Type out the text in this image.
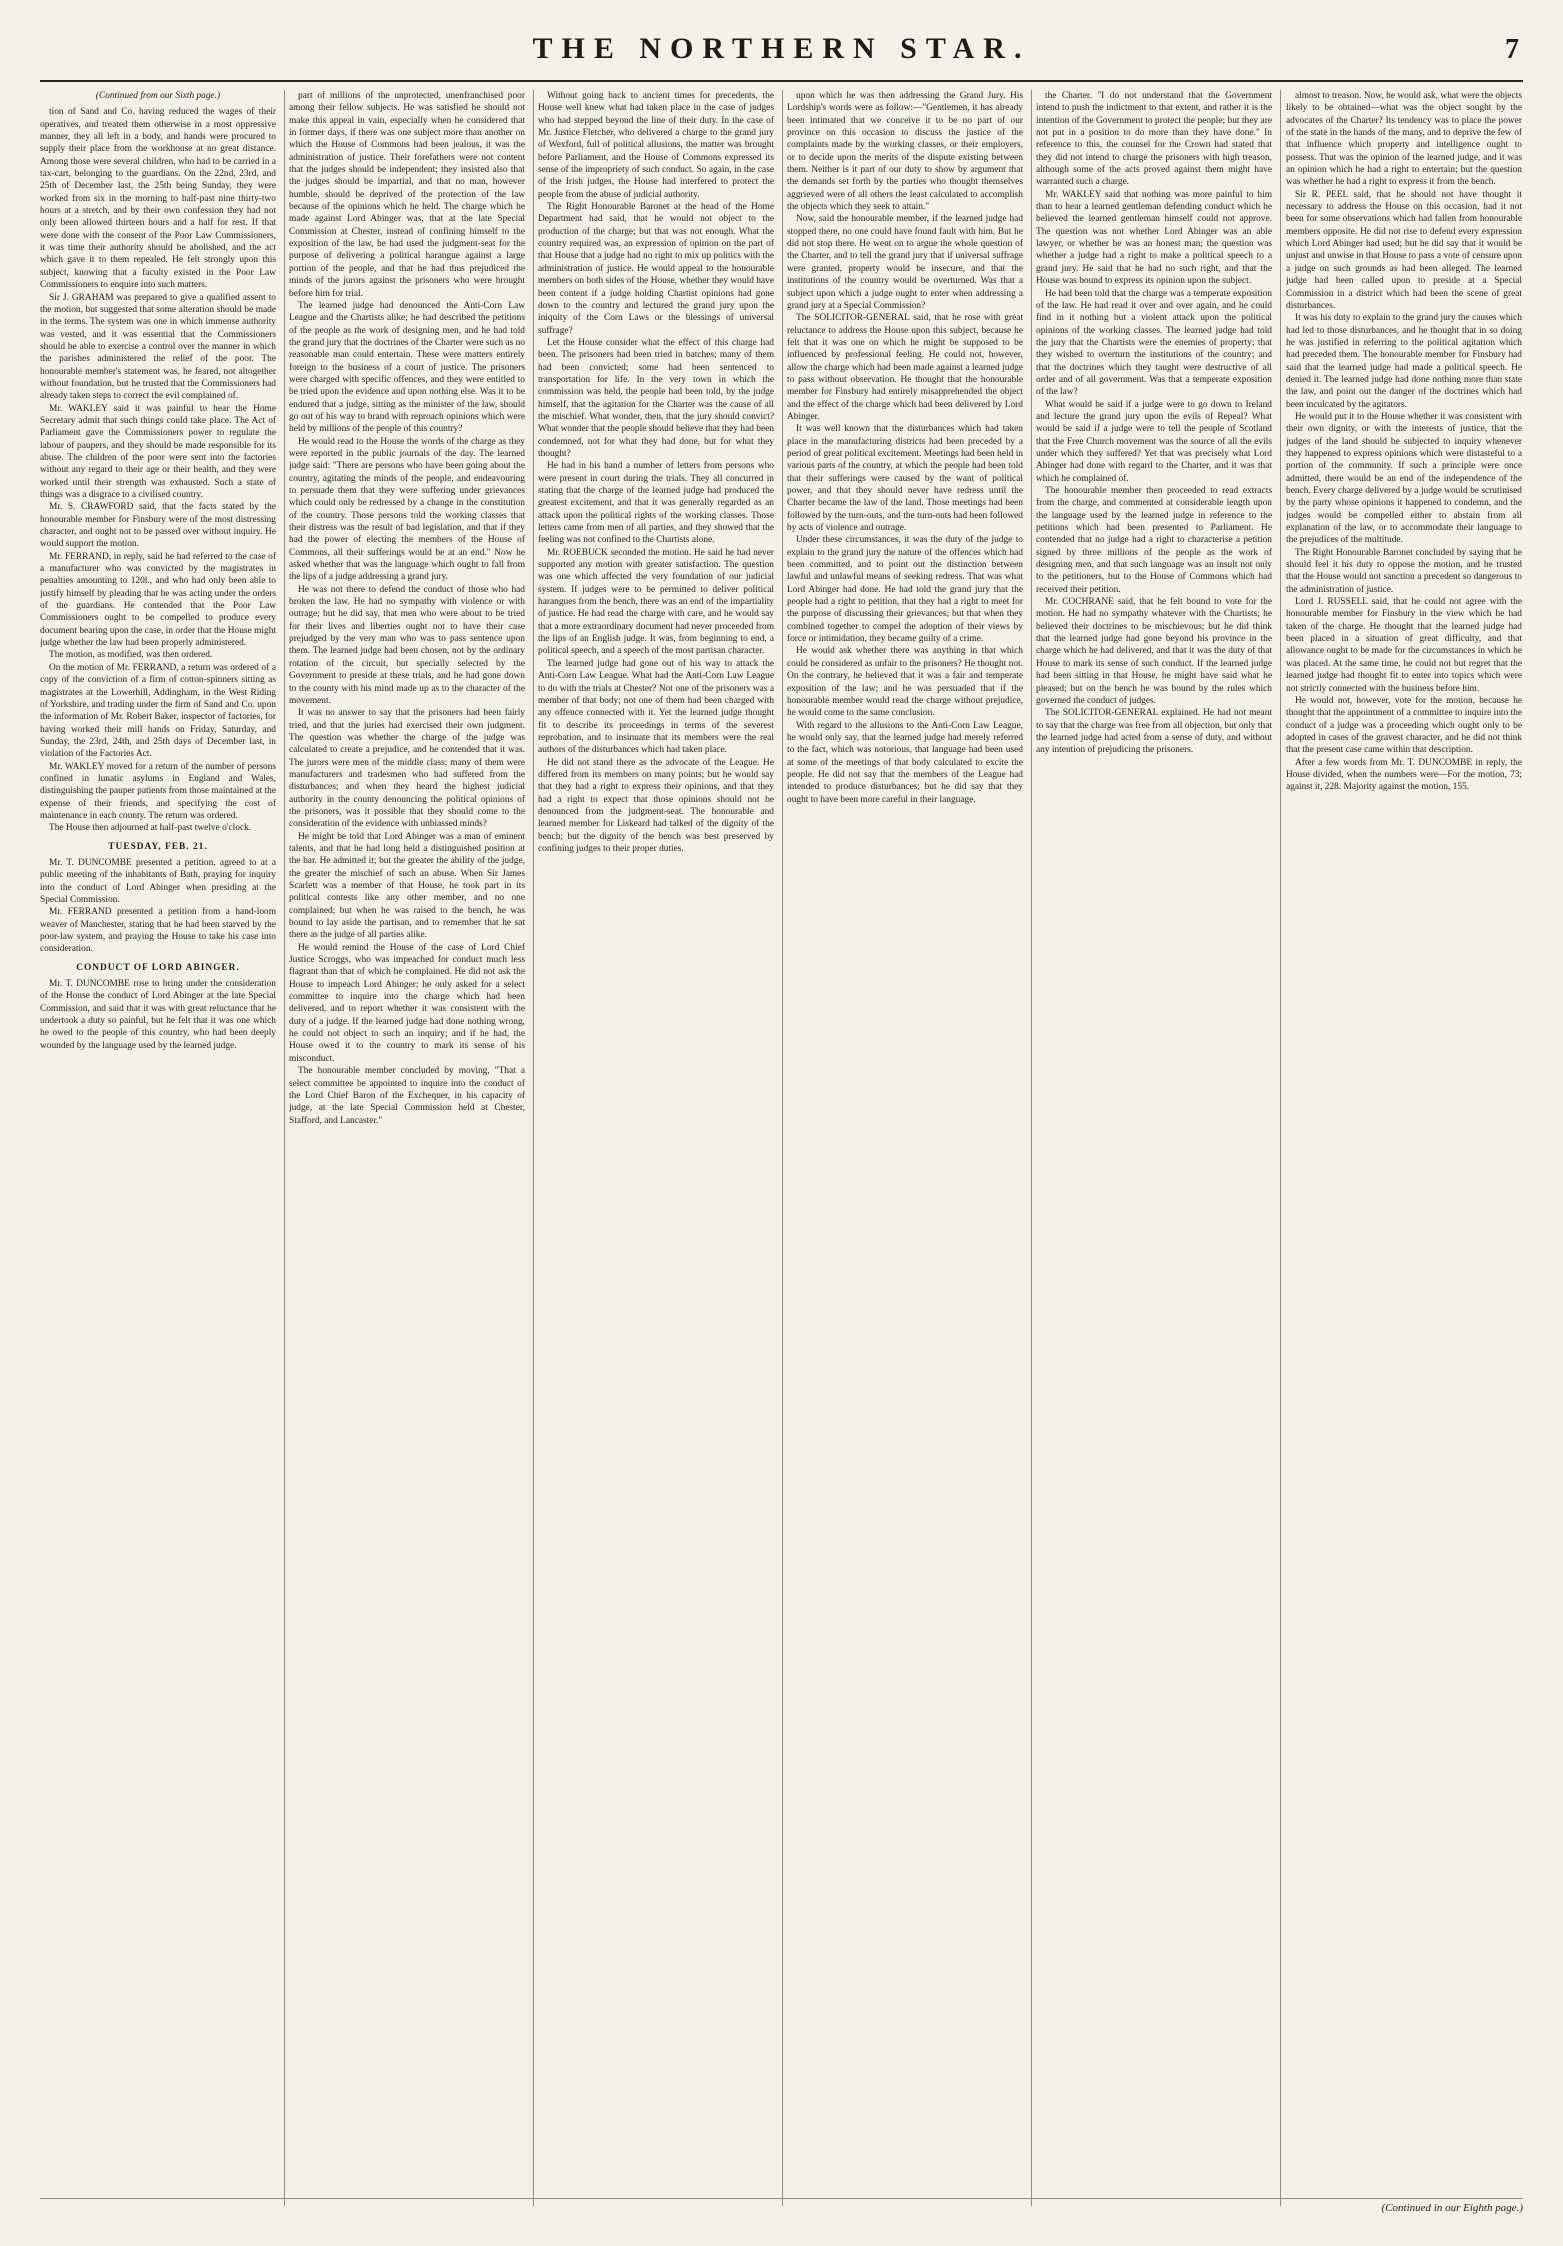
THE NORTHERN STAR.	7

(Continued from our Sixth page.)

tion of Sand and Co. having reduced the wages of their operatives, and treated them otherwise in a most oppressive manner, they all left in a body, and hands were procured to supply their place from the workhouse at no great distance. Among those were several children, who had to be carried in a tax-cart, belonging to the guardians. On the 22nd, 23rd, and 25th of December last, the 25th being Sunday, they were worked from six in the morning to half-past nine thirty-two hours at a stretch, and by their own confession they had not only been allowed thirteen hours and a half for rest. If that were done with the consent of the Poor Law Commissioners, it was time their authority should be abolished, and the act which gave it to them repealed. He felt strongly upon this subject, knowing that a faculty existed in the Poor Law Commissioners to enquire into such matters.

Sir J. GRAHAM was prepared to give a qualified assent to the motion, but suggested that some alteration should be made in the terms. The system was one in which immense authority was vested, and it was essential that the Commissioners should be able to exercise a control over the manner in which the parishes administered the relief of the poor. The honourable member's statement was, he feared, not altogether without foundation, but he trusted that the Commissioners had already taken steps to correct the evil complained of.

Mr. WAKLEY said it was painful to hear the Home Secretary admit that such things could take place. The Act of Parliament gave the Commissioners power to regulate the labour of paupers, and they should be made responsible for its abuse. The children of the poor were sent into the factories without any regard to their age or their health, and they were worked until their strength was exhausted. Such a state of things was a disgrace to a civilised country.

Mr. S. CRAWFORD said, that the facts stated by the honourable member for Finsbury were of the most distressing character, and ought not to be passed over without inquiry. He would support the motion.

Mr. FERRAND, in reply, said he had referred to the case of a manufacturer who was convicted by the magistrates in penalties amounting to 120l., and who had only been able to justify himself by pleading that he was acting under the orders of the guardians. He contended that the Poor Law Commissioners ought to be compelled to produce every document bearing upon the case, in order that the House might judge whether the law had been properly administered.

The motion, as modified, was then ordered.

On the motion of Mr. FERRAND, a return was ordered of a copy of the conviction of a firm of cotton-spinners sitting as magistrates at the Lowerhill, Addingham, in the West Riding of Yorkshire, and trading under the firm of Sand and Co. upon the information of Mr. Robert Baker, inspector of factories, for having worked their mill hands on Friday, Saturday, and Sunday, the 23rd, 24th, and 25th days of December last, in violation of the Factories Act.

Mr. WAKLEY moved for a return of the number of persons confined in lunatic asylums in England and Wales, distinguishing the pauper patients from those maintained at the expense of their friends, and specifying the cost of maintenance in each county. The return was ordered.

The House then adjourned at half-past twelve o'clock.

TUESDAY, FEB. 21.

Mr. T. DUNCOMBE presented a petition, agreed to at a public meeting of the inhabitants of Bath, praying for inquiry into the conduct of Lord Abinger when presiding at the Special Commission.

Mr. FERRAND presented a petition from a hand-loom weaver of Manchester, stating that he had been starved by the poor-law system, and praying the House to take his case into consideration.

CONDUCT OF LORD ABINGER.

Mr. T. DUNCOMBE rose to bring under the consideration of the House the conduct of Lord Abinger at the late Special Commission, and said that it was with great reluctance that he undertook a duty so painful, but he felt that it was one which he owed to the people of this country, who had been deeply wounded by the language used by the learned judge.

part of millions of the unprotected, unenfranchised poor among their fellow subjects. He was satisfied he should not make this appeal in vain, especially when he considered that in former days, if there was one subject more than another on which the House of Commons had been jealous, it was the administration of justice. Their forefathers were not content that the judges should be independent; they insisted also that the judges should be impartial, and that no man, however humble, should be deprived of the protection of the law because of the opinions which he held. The charge which he made against Lord Abinger was, that at the late Special Commission at Chester, instead of confining himself to the exposition of the law, he had used the judgment-seat for the purpose of delivering a political harangue against a large portion of the people, and that he had thus prejudiced the minds of the jurors against the prisoners who were brought before him for trial.

The learned judge had denounced the Anti-Corn Law League and the Chartists alike; he had described the petitions of the people as the work of designing men, and he had told the grand jury that the doctrines of the Charter were such as no reasonable man could entertain. These were matters entirely foreign to the business of a court of justice. The prisoners were charged with specific offences, and they were entitled to be tried upon the evidence and upon nothing else. Was it to be endured that a judge, sitting as the minister of the law, should go out of his way to brand with reproach opinions which were held by millions of the people of this country?

He would read to the House the words of the charge as they were reported in the public journals of the day. The learned judge said: "There are persons who have been going about the country, agitating the minds of the people, and endeavouring to persuade them that they were suffering under grievances which could only be redressed by a change in the constitution of the country. Those persons told the working classes that their distress was the result of bad legislation, and that if they had the power of electing the members of the House of Commons, all their sufferings would be at an end." Now he asked whether that was the language which ought to fall from the lips of a judge addressing a grand jury.

He was not there to defend the conduct of those who had broken the law. He had no sympathy with violence or with outrage; but he did say, that men who were about to be tried for their lives and liberties ought not to have their case prejudged by the very man who was to pass sentence upon them. The learned judge had been chosen, not by the ordinary rotation of the circuit, but specially selected by the Government to preside at these trials, and he had gone down to the county with his mind made up as to the character of the movement.

It was no answer to say that the prisoners had been fairly tried, and that the juries had exercised their own judgment. The question was whether the charge of the judge was calculated to create a prejudice, and he contended that it was. The jurors were men of the middle class; many of them were manufacturers and tradesmen who had suffered from the disturbances; and when they heard the highest judicial authority in the county denouncing the political opinions of the prisoners, was it possible that they should come to the consideration of the evidence with unbiassed minds?

He might be told that Lord Abinger was a man of eminent talents, and that he had long held a distinguished position at the bar. He admitted it; but the greater the ability of the judge, the greater the mischief of such an abuse. When Sir James Scarlett was a member of that House, he took part in its political contests like any other member, and no one complained; but when he was raised to the bench, he was bound to lay aside the partisan, and to remember that he sat there as the judge of all parties alike.

He would remind the House of the case of Lord Chief Justice Scroggs, who was impeached for conduct much less flagrant than that of which he complained. He did not ask the House to impeach Lord Abinger; he only asked for a select committee to inquire into the charge which had been delivered, and to report whether it was consistent with the duty of a judge. If the learned judge had done nothing wrong, he could not object to such an inquiry; and if he had, the House owed it to the country to mark its sense of his misconduct.

The honourable member concluded by moving, "That a select committee be appointed to inquire into the conduct of the Lord Chief Baron of the Exchequer, in his capacity of judge, at the late Special Commission held at Chester, Stafford, and Lancaster."

Without going back to ancient times for precedents, the House well knew what had taken place in the case of judges who had stepped beyond the line of their duty. In the case of Mr. Justice Fletcher, who delivered a charge to the grand jury of Wexford, full of political allusions, the matter was brought before Parliament, and the House of Commons expressed its sense of the impropriety of such conduct. So again, in the case of the Irish judges, the House had interfered to protect the people from the abuse of judicial authority.

The Right Honourable Baronet at the head of the Home Department had said, that he would not object to the production of the charge; but that was not enough. What the country required was, an expression of opinion on the part of that House that a judge had no right to mix up politics with the administration of justice. He would appeal to the honourable members on both sides of the House, whether they would have been content if a judge holding Chartist opinions had gone down to the country and lectured the grand jury upon the iniquity of the Corn Laws or the blessings of universal suffrage?

Let the House consider what the effect of this charge had been. The prisoners had been tried in batches; many of them had been convicted; some had been sentenced to transportation for life. In the very town in which the commission was held, the people had been told, by the judge himself, that the agitation for the Charter was the cause of all the mischief. What wonder, then, that the jury should convict? What wonder that the people should believe that they had been condemned, not for what they had done, but for what they thought?

He had in his hand a number of letters from persons who were present in court during the trials. They all concurred in stating that the charge of the learned judge had produced the greatest excitement, and that it was generally regarded as an attack upon the political rights of the working classes. Those letters came from men of all parties, and they showed that the feeling was not confined to the Chartists alone.

Mr. ROEBUCK seconded the motion. He said he had never supported any motion with greater satisfaction. The question was one which affected the very foundation of our judicial system. If judges were to be permitted to deliver political harangues from the bench, there was an end of the impartiality of justice. He had read the charge with care, and he would say that a more extraordinary document had never proceeded from the lips of an English judge. It was, from beginning to end, a political speech, and a speech of the most partisan character.

The learned judge had gone out of his way to attack the Anti-Corn Law League. What had the Anti-Corn Law League to do with the trials at Chester? Not one of the prisoners was a member of that body; not one of them had been charged with any offence connected with it. Yet the learned judge thought fit to describe its proceedings in terms of the severest reprobation, and to insinuate that its members were the real authors of the disturbances which had taken place.

He did not stand there as the advocate of the League. He differed from its members on many points; but he would say that they had a right to express their opinions, and that they had a right to expect that those opinions should not be denounced from the judgment-seat. The honourable and learned member for Liskeard had talked of the dignity of the bench; but the dignity of the bench was best preserved by confining judges to their proper duties.

upon which he was then addressing the Grand Jury. His Lordship's words were as follow:—"Gentlemen, it has already been intimated that we conceive it to be no part of our province on this occasion to discuss the justice of the complaints made by the working classes, or their employers, or to decide upon the merits of the dispute existing between them. Neither is it part of our duty to show by argument that the demands set forth by the parties who thought themselves aggrieved were of all others the least calculated to accomplish the objects which they seek to attain."

Now, said the honourable member, if the learned judge had stopped there, no one could have found fault with him. But he did not stop there. He went on to argue the whole question of the Charter, and to tell the grand jury that if universal suffrage were granted, property would be insecure, and that the institutions of the country would be overturned. Was that a subject upon which a judge ought to enter when addressing a grand jury at a Special Commission?

The SOLICITOR-GENERAL said, that he rose with great reluctance to address the House upon this subject, because he felt that it was one on which he might be supposed to be influenced by professional feeling. He could not, however, allow the charge which had been made against a learned judge to pass without observation. He thought that the honourable member for Finsbury had entirely misapprehended the object and the effect of the charge which had been delivered by Lord Abinger.

It was well known that the disturbances which had taken place in the manufacturing districts had been preceded by a period of great political excitement. Meetings had been held in various parts of the country, at which the people had been told that their sufferings were caused by the want of political power, and that they should never have redress until the Charter became the law of the land. Those meetings had been followed by the turn-outs, and the turn-outs had been followed by acts of violence and outrage.

Under these circumstances, it was the duty of the judge to explain to the grand jury the nature of the offences which had been committed, and to point out the distinction between lawful and unlawful means of seeking redress. That was what Lord Abinger had done. He had told the grand jury that the people had a right to petition, that they had a right to meet for the purpose of discussing their grievances; but that when they combined together to compel the adoption of their views by force or intimidation, they became guilty of a crime.

He would ask whether there was anything in that which could be considered as unfair to the prisoners? He thought not. On the contrary, he believed that it was a fair and temperate exposition of the law; and he was persuaded that if the honourable member would read the charge without prejudice, he would come to the same conclusion.

With regard to the allusions to the Anti-Corn Law League, he would only say, that the learned judge had merely referred to the fact, which was notorious, that language had been used at some of the meetings of that body calculated to excite the people. He did not say that the members of the League had intended to produce disturbances; but he did say that they ought to have been more careful in their language.

the Charter. "I do not understand that the Government intend to push the indictment to that extent, and rather it is the intention of the Government to protect the people; but they are not put in a position to do more than they have done." In reference to this, the counsel for the Crown had stated that they did not intend to charge the prisoners with high treason, although some of the acts proved against them might have warranted such a charge.

Mr. WAKLEY said that nothing was more painful to him than to hear a learned gentleman defending conduct which he believed the learned gentleman himself could not approve. The question was not whether Lord Abinger was an able lawyer, or whether he was an honest man; the question was whether a judge had a right to make a political speech to a grand jury. He said that he had no such right, and that the House was bound to express its opinion upon the subject.

He had been told that the charge was a temperate exposition of the law. He had read it over and over again, and he could find in it nothing but a violent attack upon the political opinions of the working classes. The learned judge had told the jury that the Chartists were the enemies of property; that they wished to overturn the institutions of the country; and that the doctrines which they taught were destructive of all order and of all government. Was that a temperate exposition of the law?

What would be said if a judge were to go down to Ireland and lecture the grand jury upon the evils of Repeal? What would be said if a judge were to tell the people of Scotland that the Free Church movement was the source of all the evils under which they suffered? Yet that was precisely what Lord Abinger had done with regard to the Charter, and it was that which he complained of.

The honourable member then proceeded to read extracts from the charge, and commented at considerable length upon the language used by the learned judge in reference to the petitions which had been presented to Parliament. He contended that no judge had a right to characterise a petition signed by three millions of the people as the work of designing men, and that such language was an insult not only to the petitioners, but to the House of Commons which had received their petition.

Mr. COCHRANE said, that he felt bound to vote for the motion. He had no sympathy whatever with the Chartists; he believed their doctrines to be mischievous; but he did think that the learned judge had gone beyond his province in the charge which he had delivered, and that it was the duty of that House to mark its sense of such conduct. If the learned judge had been sitting in that House, he might have said what he pleased; but on the bench he was bound by the rules which governed the conduct of judges.

The SOLICITOR-GENERAL explained. He had not meant to say that the charge was free from all objection, but only that the learned judge had acted from a sense of duty, and without any intention of prejudicing the prisoners.

almost to treason. Now, he would ask, what were the objects likely to be obtained—what was the object sought by the advocates of the Charter? Its tendency was to place the power of the state in the hands of the many, and to deprive the few of that influence which property and intelligence ought to possess. That was the opinion of the learned judge, and it was an opinion which he had a right to entertain; but the question was whether he had a right to express it from the bench.

Sir R. PEEL said, that he should not have thought it necessary to address the House on this occasion, had it not been for some observations which had fallen from honourable members opposite. He did not rise to defend every expression which Lord Abinger had used; but he did say that it would be unjust and unwise in that House to pass a vote of censure upon a judge on such grounds as had been alleged. The learned judge had been called upon to preside at a Special Commission in a district which had been the scene of great disturbances.

It was his duty to explain to the grand jury the causes which had led to those disturbances, and he thought that in so doing he was justified in referring to the political agitation which had preceded them. The honourable member for Finsbury had said that the learned judge had made a political speech. He denied it. The learned judge had done nothing more than state the law, and point out the danger of the doctrines which had been inculcated by the agitators.

He would put it to the House whether it was consistent with their own dignity, or with the interests of justice, that the judges of the land should be subjected to inquiry whenever they happened to express opinions which were distasteful to a portion of the community. If such a principle were once admitted, there would be an end of the independence of the bench. Every charge delivered by a judge would be scrutinised by the party whose opinions it happened to condemn, and the judges would be compelled either to abstain from all explanation of the law, or to accommodate their language to the prejudices of the multitude.

The Right Honourable Baronet concluded by saying that he should feel it his duty to oppose the motion, and he trusted that the House would not sanction a precedent so dangerous to the administration of justice.

Lord J. RUSSELL said, that he could not agree with the honourable member for Finsbury in the view which he had taken of the charge. He thought that the learned judge had been placed in a situation of great difficulty, and that allowance ought to be made for the circumstances in which he was placed. At the same time, he could not but regret that the learned judge had thought fit to enter into topics which were not strictly connected with the business before him.

He would not, however, vote for the motion, because he thought that the appointment of a committee to inquire into the conduct of a judge was a proceeding which ought only to be adopted in cases of the gravest character, and he did not think that the present case came within that description.

After a few words from Mr. T. DUNCOMBE in reply, the House divided, when the numbers were—For the motion, 73; against it, 228. Majority against the motion, 155.

(Continued in our Eighth page.)
